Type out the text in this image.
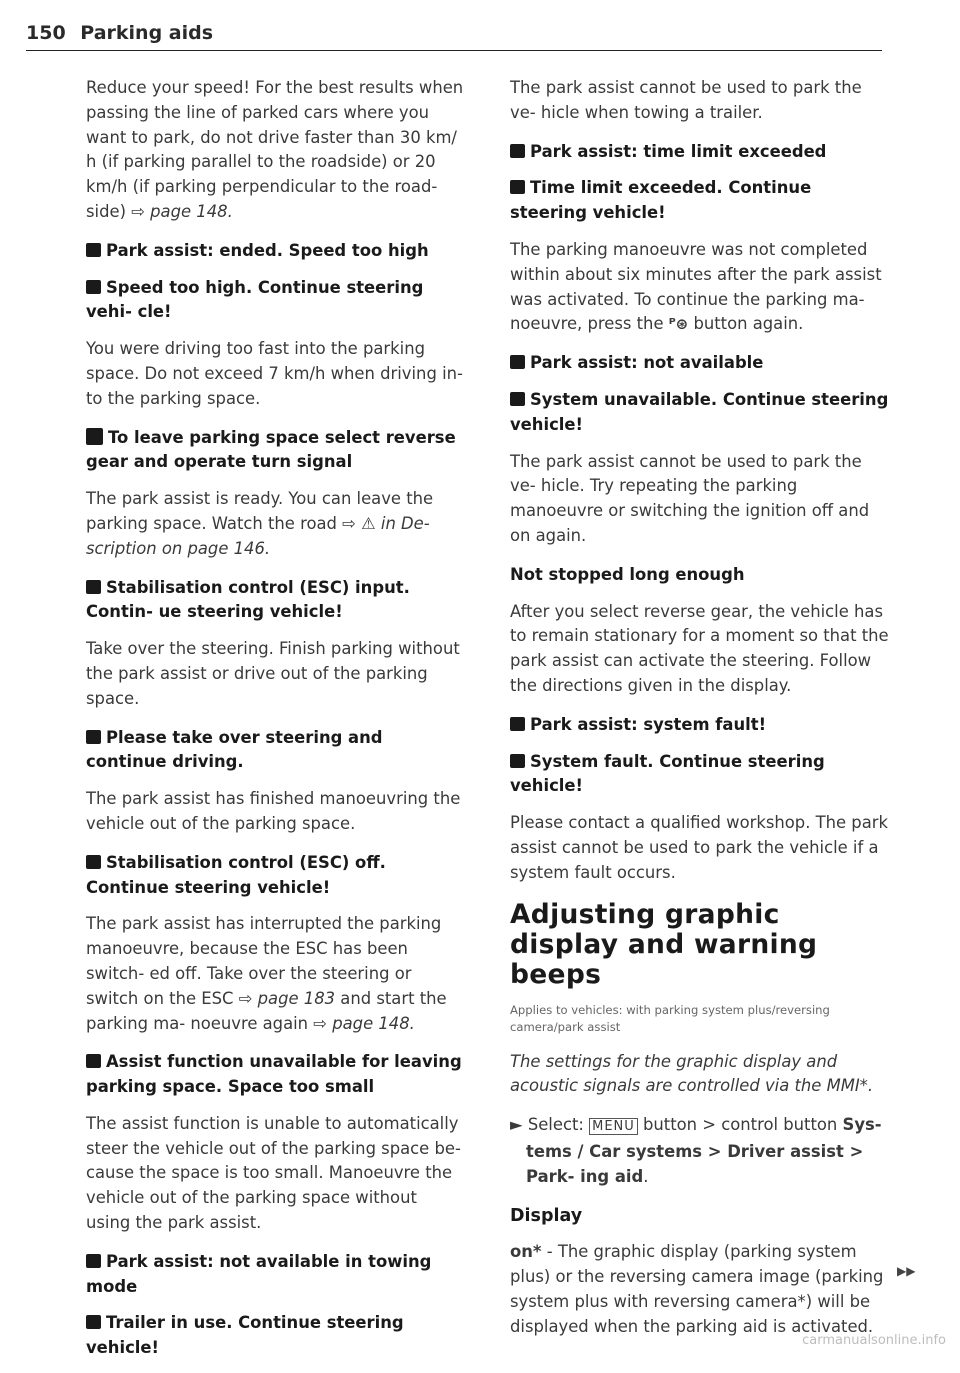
150 Parking aids

Reduce your speed! For the best results when passing the line of parked cars where you want to park, do not drive faster than 30 km/ h (if parking parallel to the roadside) or 20 km/h (if parking perpendicular to the road- side) ⇨ page 148.

Park assist: ended. Speed too high

Speed too high. Continue steering vehi- cle!

You were driving too fast into the parking space. Do not exceed 7 km/h when driving in- to the parking space.

To leave parking space select reverse gear and operate turn signal

The park assist is ready. You can leave the parking space. Watch the road ⇨ ⚠ in De- scription on page 146.

Stabilisation control (ESC) input. Contin- ue steering vehicle!

Take over the steering. Finish parking without the park assist or drive out of the parking space.

Please take over steering and continue driving.

The park assist has finished manoeuvring the vehicle out of the parking space.

Stabilisation control (ESC) off. Continue steering vehicle!

The park assist has interrupted the parking manoeuvre, because the ESC has been switch- ed off. Take over the steering or switch on the ESC ⇨ page 183 and start the parking ma- noeuvre again ⇨ page 148.

Assist function unavailable for leaving parking space. Space too small

The assist function is unable to automatically steer the vehicle out of the parking space be- cause the space is too small. Manoeuvre the vehicle out of the parking space without using the park assist.

Park assist: not available in towing mode

Trailer in use. Continue steering vehicle!

The park assist cannot be used to park the ve- hicle when towing a trailer.

Park assist: time limit exceeded

Time limit exceeded. Continue steering vehicle!

The parking manoeuvre was not completed within about six minutes after the park assist was activated. To continue the parking ma- noeuvre, press the ᴾ⊛ button again.

Park assist: not available

System unavailable. Continue steering vehicle!

The park assist cannot be used to park the ve- hicle. Try repeating the parking manoeuvre or switching the ignition off and on again.

Not stopped long enough

After you select reverse gear, the vehicle has to remain stationary for a moment so that the park assist can activate the steering. Follow the directions given in the display.

Park assist: system fault!

System fault. Continue steering vehicle!

Please contact a qualified workshop. The park assist cannot be used to park the vehicle if a system fault occurs.

Adjusting graphic display and warning beeps
Applies to vehicles: with parking system plus/reversing camera/park assist

The settings for the graphic display and acoustic signals are controlled via the MMI*.

► Select: MENU button > control button Sys- tems / Car systems > Driver assist > Park- ing aid.

Display

on* - The graphic display (parking system plus) or the reversing camera image (parking system plus with reversing camera*) will be displayed when the parking aid is activated.

▶▶
carmanualsonline.info
